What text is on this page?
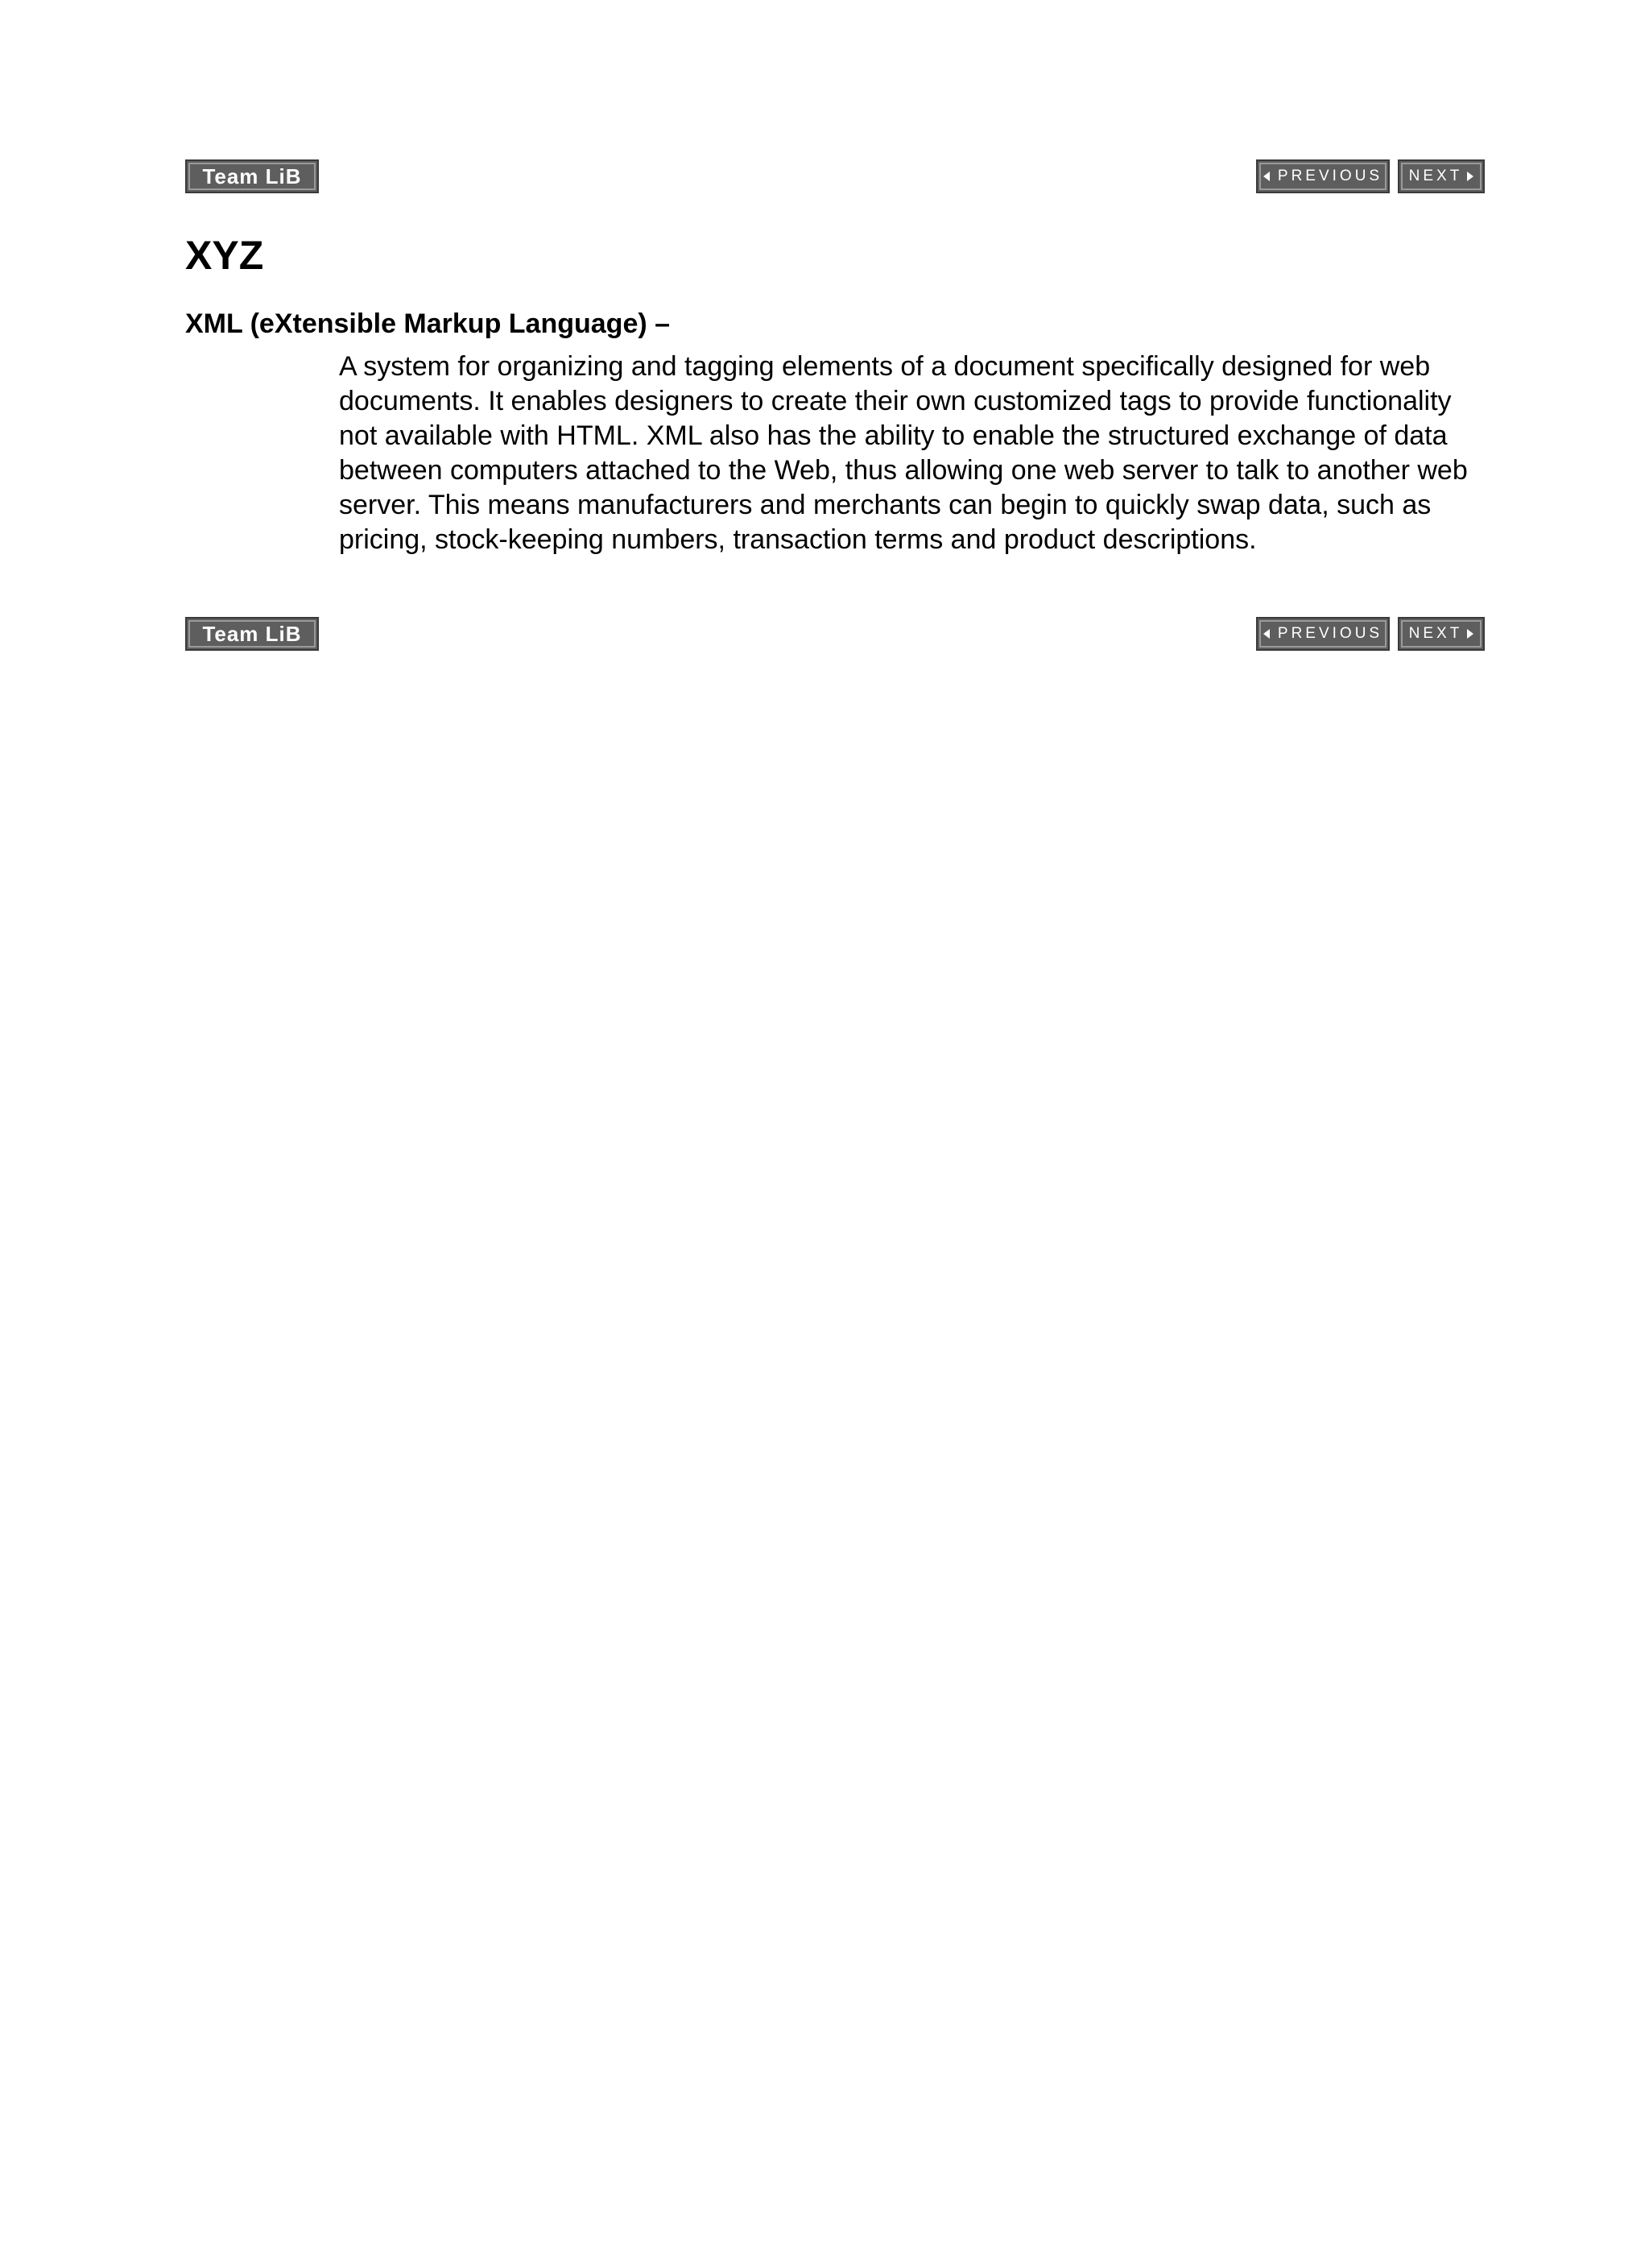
Team LiB	PREVIOUS NEXT
XYZ

XML (eXtensible Markup Language) –

A system for organizing and tagging elements of a document specifically designed for web documents. It enables designers to create their own customized tags to provide functionality not available with HTML. XML also has the ability to enable the structured exchange of data between computers attached to the Web, thus allowing one web server to talk to another web server. This means manufacturers and merchants can begin to quickly swap data, such as pricing, stock-keeping numbers, transaction terms and product descriptions.

Team LiB	PREVIOUS NEXT
